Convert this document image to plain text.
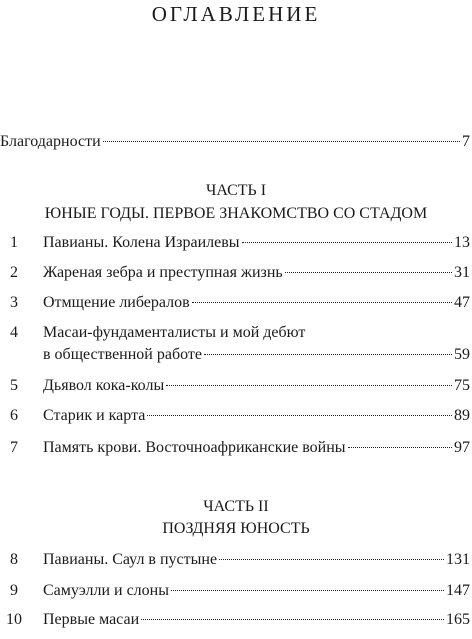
ОГЛАВЛЕНИЕ
Благодарности	7
ЧАСТЬ I
ЮНЫЕ ГОДЫ. ПЕРВОЕ ЗНАКОМСТВО СО СТАДОМ
1	Павианы. Колена Израилевы	13
2	Жареная зебра и преступная жизнь	31
3	Отмщение либералов	47
4	Масаи-фундаменталисты и мой дебют
в общественной работе	59
5	Дьявол кока-колы	75
6	Старик и карта	89
7	Память крови. Восточноафриканские войны	97
ЧАСТЬ II
ПОЗДНЯЯ ЮНОСТЬ
8	Павианы. Саул в пустыне	131
9	Самуэлли и слоны	147
10	Первые масаи	165
